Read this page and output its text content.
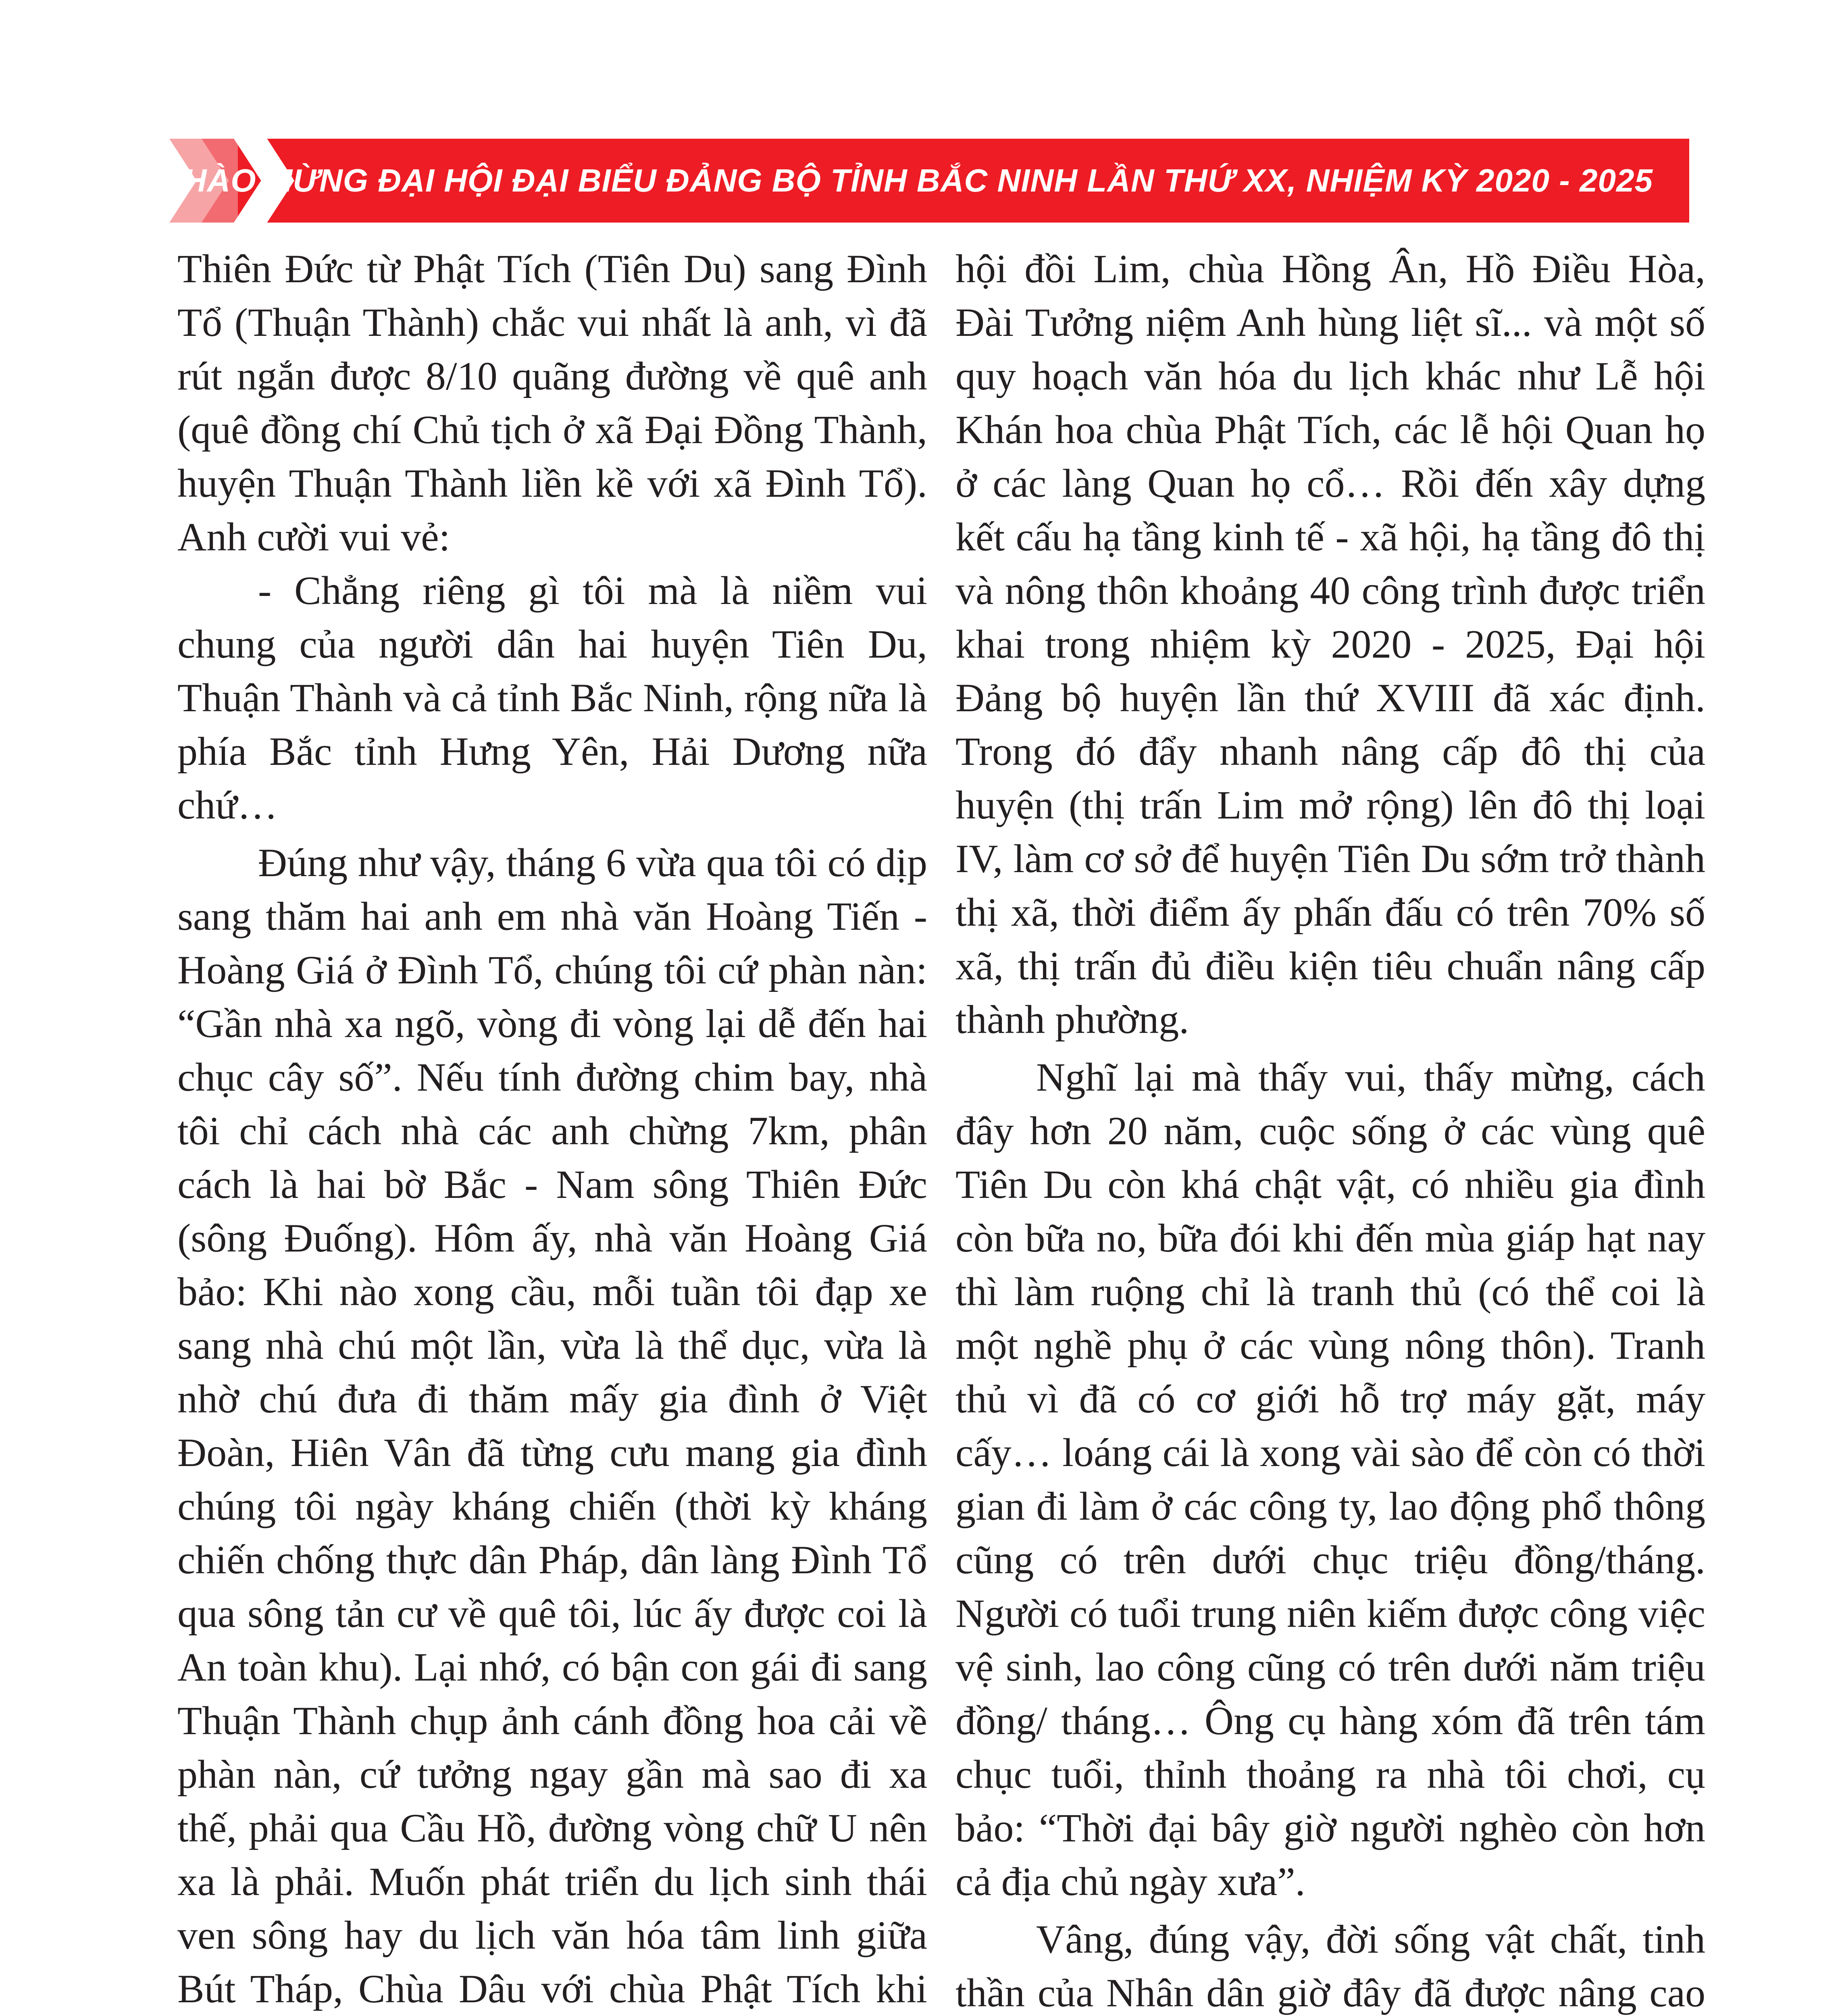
CHÀO MỪNG ĐẠI HỘI ĐẠI BIỂU ĐẢNG BỘ TỈNH BẮC NINH LẦN THỨ XX, NHIỆM KỲ 2020 - 2025

Thiên Đức từ Phật Tích (Tiên Du) sang Đình Tổ (Thuận Thành) chắc vui nhất là anh, vì đã rút ngắn được 8/10 quãng đường về quê anh (quê đồng chí Chủ tịch ở xã Đại Đồng Thành, huyện Thuận Thành liền kề với xã Đình Tổ). Anh cười vui vẻ:

- Chẳng riêng gì tôi mà là niềm vui chung của người dân hai huyện Tiên Du, Thuận Thành và cả tỉnh Bắc Ninh, rộng nữa là phía Bắc tỉnh Hưng Yên, Hải Dương nữa chứ…

Đúng như vậy, tháng 6 vừa qua tôi có dịp sang thăm hai anh em nhà văn Hoàng Tiến - Hoàng Giá ở Đình Tổ, chúng tôi cứ phàn nàn: “Gần nhà xa ngõ, vòng đi vòng lại dễ đến hai chục cây số”. Nếu tính đường chim bay, nhà tôi chỉ cách nhà các anh chừng 7km, phân cách là hai bờ Bắc - Nam sông Thiên Đức (sông Đuống). Hôm ấy, nhà văn Hoàng Giá bảo: Khi nào xong cầu, mỗi tuần tôi đạp xe sang nhà chú một lần, vừa là thể dục, vừa là nhờ chú đưa đi thăm mấy gia đình ở Việt Đoàn, Hiên Vân đã từng cưu mang gia đình chúng tôi ngày kháng chiến (thời kỳ kháng chiến chống thực dân Pháp, dân làng Đình Tổ qua sông tản cư về quê tôi, lúc ấy được coi là An toàn khu). Lại nhớ, có bận con gái đi sang Thuận Thành chụp ảnh cánh đồng hoa cải về phàn nàn, cứ tưởng ngay gần mà sao đi xa thế, phải qua Cầu Hồ, đường vòng chữ U nên xa là phải. Muốn phát triển du lịch sinh thái ven sông hay du lịch văn hóa tâm linh giữa Bút Tháp, Chùa Dâu với chùa Phật Tích khi

hội đồi Lim, chùa Hồng Ân, Hồ Điều Hòa, Đài Tưởng niệm Anh hùng liệt sĩ... và một số quy hoạch văn hóa du lịch khác như Lễ hội Khán hoa chùa Phật Tích, các lễ hội Quan họ ở các làng Quan họ cổ… Rồi đến xây dựng kết cấu hạ tầng kinh tế - xã hội, hạ tầng đô thị và nông thôn khoảng 40 công trình được triển khai trong nhiệm kỳ 2020 - 2025, Đại hội Đảng bộ huyện lần thứ XVIII đã xác định. Trong đó đẩy nhanh nâng cấp đô thị của huyện (thị trấn Lim mở rộng) lên đô thị loại IV, làm cơ sở để huyện Tiên Du sớm trở thành thị xã, thời điểm ấy phấn đấu có trên 70% số xã, thị trấn đủ điều kiện tiêu chuẩn nâng cấp thành phường.

Nghĩ lại mà thấy vui, thấy mừng, cách đây hơn 20 năm, cuộc sống ở các vùng quê Tiên Du còn khá chật vật, có nhiều gia đình còn bữa no, bữa đói khi đến mùa giáp hạt nay thì làm ruộng chỉ là tranh thủ (có thể coi là một nghề phụ ở các vùng nông thôn). Tranh thủ vì đã có cơ giới hỗ trợ máy gặt, máy cấy… loáng cái là xong vài sào để còn có thời gian đi làm ở các công ty, lao động phổ thông cũng có trên dưới chục triệu đồng/tháng. Người có tuổi trung niên kiếm được công việc vệ sinh, lao công cũng có trên dưới năm triệu đồng/ tháng… Ông cụ hàng xóm đã trên tám chục tuổi, thỉnh thoảng ra nhà tôi chơi, cụ bảo: “Thời đại bây giờ người nghèo còn hơn cả địa chủ ngày xưa”.

Vâng, đúng vậy, đời sống vật chất, tinh thần của Nhân dân giờ đây đã được nâng cao
